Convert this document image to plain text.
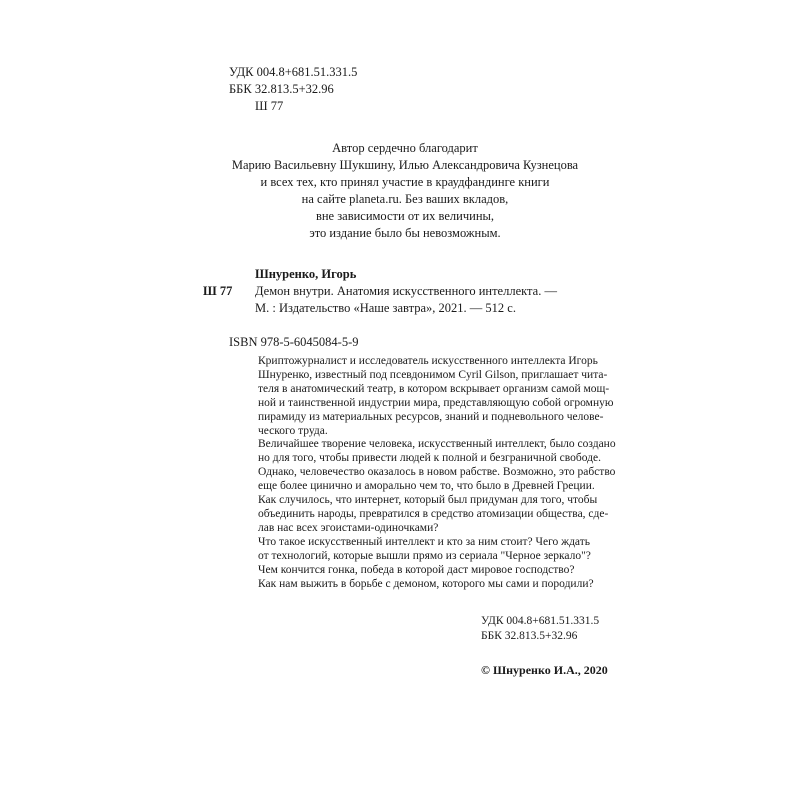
УДК 004.8+681.51.331.5
ББК 32.813.5+32.96
Ш 77
Автор сердечно благодарит
Марию Васильевну Шукшину, Илью Александровича Кузнецова
и всех тех, кто принял участие в краудфандинге книги
на сайте planeta.ru. Без ваших вкладов,
вне зависимости от их величины,
это издание было бы невозможным.
Шнуренко, Игорь
Ш 77 Демон внутри. Анатомия искусственного интеллекта. —
М. : Издательство «Наше завтра», 2021. — 512 с.
ISBN 978-5-6045084-5-9
Криптожурналист и исследователь искусственного интеллекта Игорь
Шнуренко, известный под псевдонимом Cyril Gilson, приглашает чита-
теля в анатомический театр, в котором вскрывает организм самой мощ-
ной и таинственной индустрии мира, представляющую собой огромную
пирамиду из материальных ресурсов, знаний и подневольного челове-
ческого труда.
Величайшее творение человека, искусственный интеллект, было создано
но для того, чтобы привести людей к полной и безграничной свободе.
Однако, человечество оказалось в новом рабстве. Возможно, это рабство
еще более цинично и аморально чем то, что было в Древней Греции.
Как случилось, что интернет, который был придуман для того, чтобы
объединить народы, превратился в средство атомизации общества, сде-
лав нас всех эгоистами-одиночками?
Что такое искусственный интеллект и кто за ним стоит? Чего ждать
от технологий, которые вышли прямо из сериала "Черное зеркало"?
Чем кончится гонка, победа в которой даст мировое господство?
Как нам выжить в борьбе с демоном, которого мы сами и породили?
УДК 004.8+681.51.331.5
ББК 32.813.5+32.96
© Шнуренко И.А., 2020
